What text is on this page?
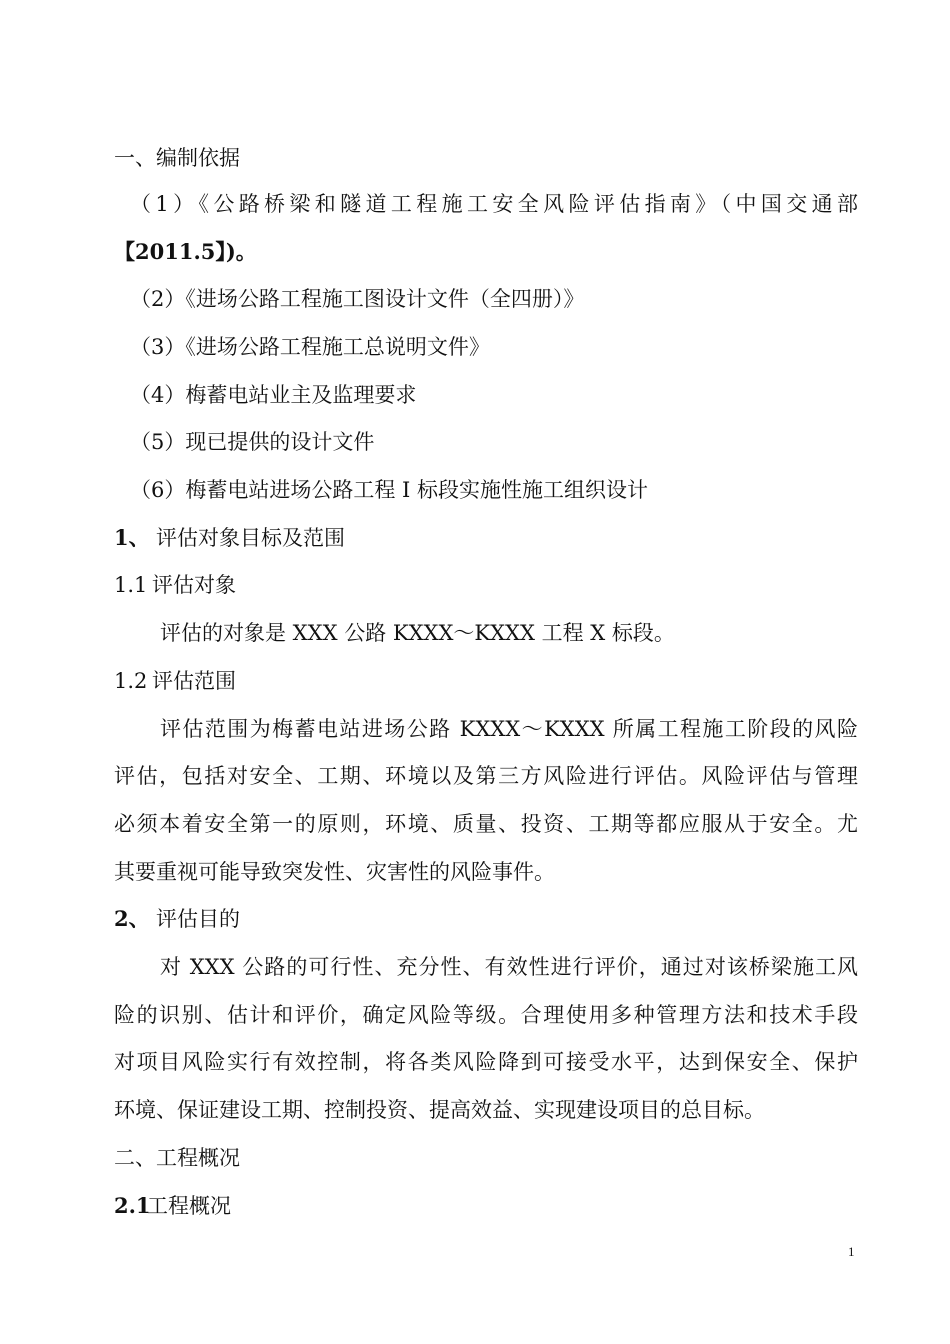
一、编制依据
（1）《公路桥梁和隧道工程施工安全风险评估指南》（中国交通部
【2011.5】)。
（2）《进场公路工程施工图设计文件（全四册）》
（3）《进场公路工程施工总说明文件》
（4）梅蓄电站业主及监理要求
（5）现已提供的设计文件
（6）梅蓄电站进场公路工程 I 标段实施性施工组织设计
1、 评估对象目标及范围
1.1 评估对象
评估的对象是 XXX 公路 KXXX～KXXX 工程 X 标段。
1.2 评估范围
评估范围为梅蓄电站进场公路 KXXX～KXXX 所属工程施工阶段的风险
评估，包括对安全、工期、环境以及第三方风险进行评估。风险评估与管理
必须本着安全第一的原则，环境、质量、投资、工期等都应服从于安全。尤
其要重视可能导致突发性、灾害性的风险事件。
2、 评估目的
对 XXX 公路的可行性、充分性、有效性进行评价，通过对该桥梁施工风
险的识别、估计和评价，确定风险等级。合理使用多种管理方法和技术手段
对项目风险实行有效控制，将各类风险降到可接受水平，达到保安全、保护
环境、保证建设工期、控制投资、提高效益、实现建设项目的总目标。
二、工程概况
2.1工程概况
1
